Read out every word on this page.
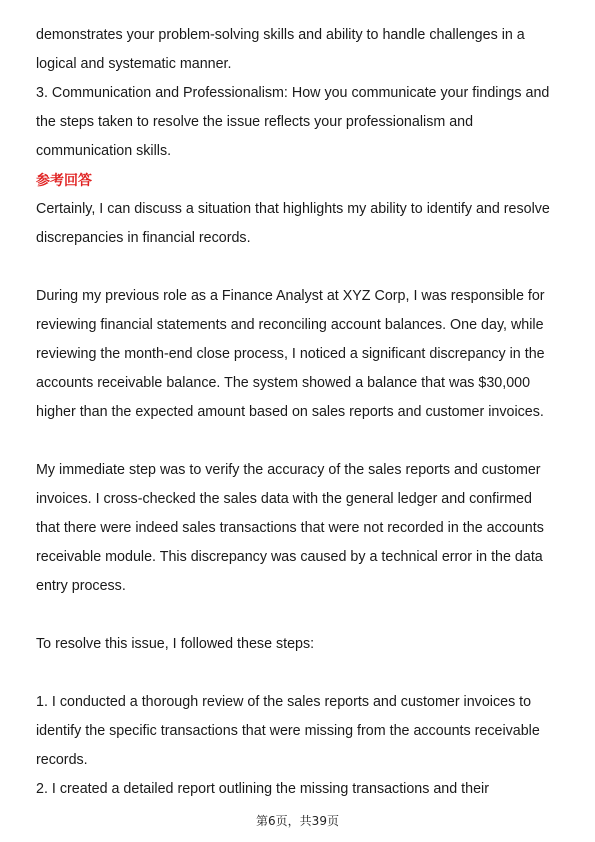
demonstrates your problem-solving skills and ability to handle challenges in a
logical and systematic manner.
3. Communication and Professionalism: How you communicate your findings and
the steps taken to resolve the issue reflects your professionalism and
communication skills.
参考回答
Certainly, I can discuss a situation that highlights my ability to identify and resolve
discrepancies in financial records.
During my previous role as a Finance Analyst at XYZ Corp, I was responsible for
reviewing financial statements and reconciling account balances. One day, while
reviewing the month-end close process, I noticed a significant discrepancy in the
accounts receivable balance. The system showed a balance that was $30,000
higher than the expected amount based on sales reports and customer invoices.
My immediate step was to verify the accuracy of the sales reports and customer
invoices. I cross-checked the sales data with the general ledger and confirmed
that there were indeed sales transactions that were not recorded in the accounts
receivable module. This discrepancy was caused by a technical error in the data
entry process.
To resolve this issue, I followed these steps:
1. I conducted a thorough review of the sales reports and customer invoices to
identify the specific transactions that were missing from the accounts receivable
records.
2. I created a detailed report outlining the missing transactions and their
第6页，共39页
